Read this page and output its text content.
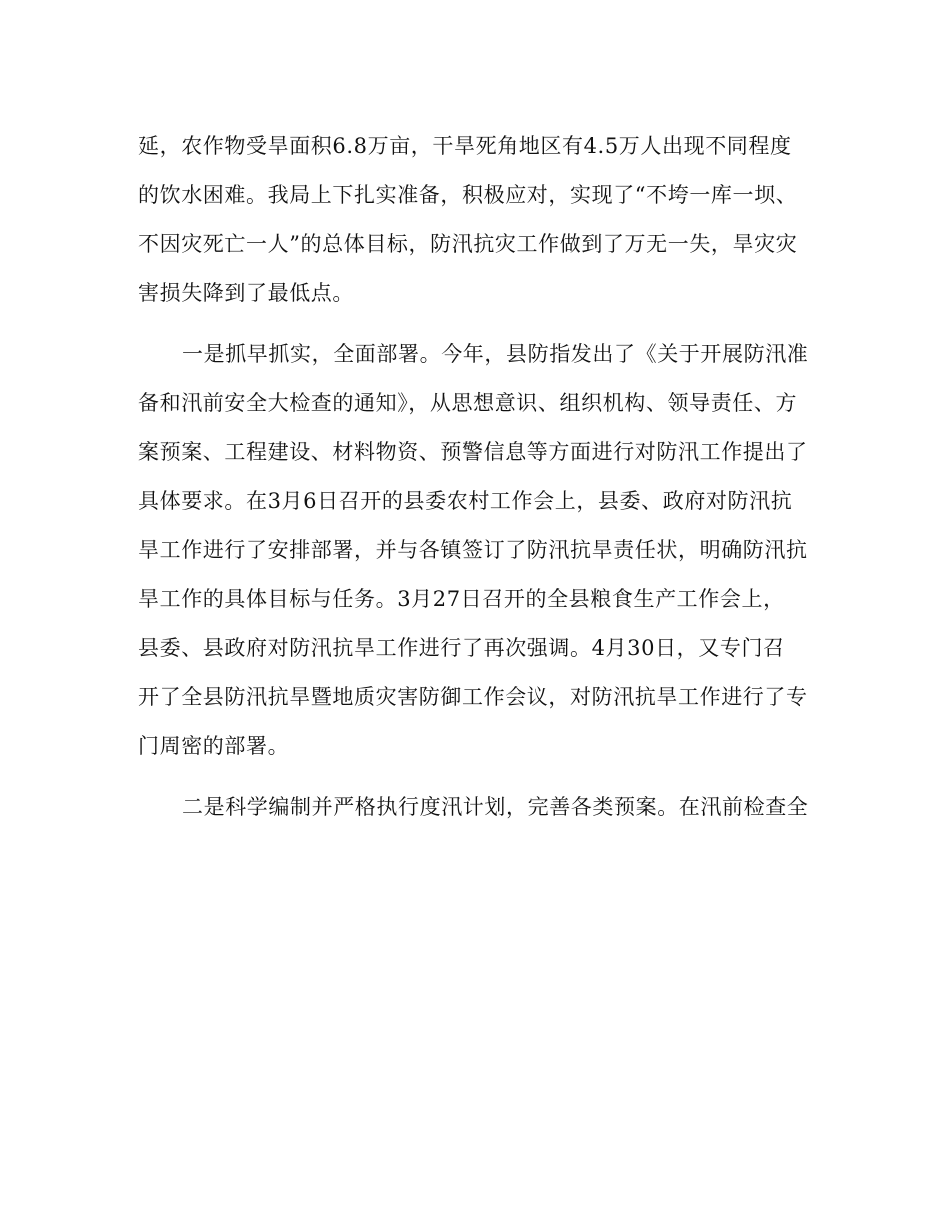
延，农作物受旱面积6.8万亩，干旱死角地区有4.5万人出现不同程度
的饮水困难。我局上下扎实准备，积极应对，实现了“不垮一库一坝、
不因灾死亡一人”的总体目标，防汛抗灾工作做到了万无一失，旱灾灾
害损失降到了最低点。
一是抓早抓实，全面部署。今年，县防指发出了《关于开展防汛准
备和汛前安全大检查的通知》，从思想意识、组织机构、领导责任、方
案预案、工程建设、材料物资、预警信息等方面进行对防汛工作提出了
具体要求。在3月6日召开的县委农村工作会上，县委、政府对防汛抗
旱工作进行了安排部署，并与各镇签订了防汛抗旱责任状，明确防汛抗
旱工作的具体目标与任务。3月27日召开的全县粮食生产工作会上，
县委、县政府对防汛抗旱工作进行了再次强调。4月30日，又专门召
开了全县防汛抗旱暨地质灾害防御工作会议，对防汛抗旱工作进行了专
门周密的部署。
二是科学编制并严格执行度汛计划，完善各类预案。在汛前检查全
